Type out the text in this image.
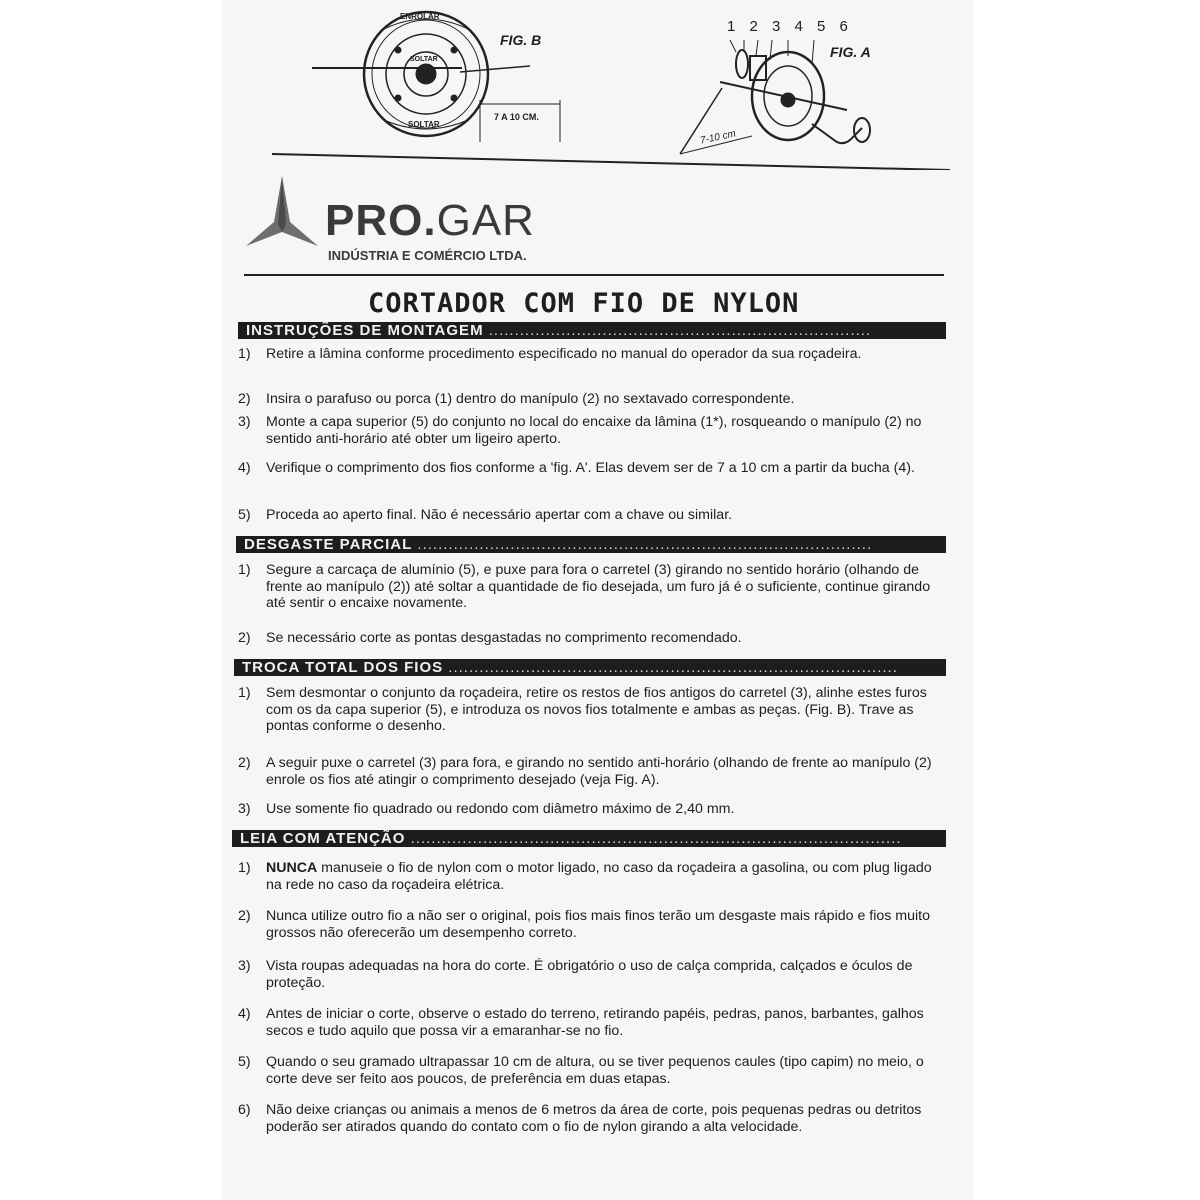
FIG. B
ENROLAR
SOLTAR
SOLTAR
7 A 10 CM.
1 2 3 4 5 6
FIG. A
7-10 cm
PRO.GAR
INDÚSTRIA E COMÉRCIO LTDA.
CORTADOR COM FIO DE NYLON
INSTRUÇÕES DE MONTAGEM ..........................................................................
1) Retire a lâmina conforme procedimento especificado no manual do operador da sua roçadeira.
2) Insira o parafuso ou porca (1) dentro do manípulo (2) no sextavado correspondente.
3) Monte a capa superior (5) do conjunto no local do encaixe da lâmina (1*), rosqueando o manípulo (2) no sentido anti-horário até obter um ligeiro aperto.
4) Verifique o comprimento dos fios conforme a 'fig. A'. Elas devem ser de 7 a 10 cm a partir da bucha (4).
5) Proceda ao aperto final. Não é necessário apertar com a chave ou similar.
DESGASTE PARCIAL ........................................................................................
1) Segure a carcaça de alumínio (5), e puxe para fora o carretel (3) girando no sentido horário (olhando de frente ao manípulo (2)) até soltar a quantidade de fio desejada, um furo já é o suficiente, continue girando até sentir o encaixe novamente.
2) Se necessário corte as pontas desgastadas no comprimento recomendado.
TROCA TOTAL DOS FIOS .......................................................................................
1) Sem desmontar o conjunto da roçadeira, retire os restos de fios antigos do carretel (3), alinhe estes furos com os da capa superior (5), e introduza os novos fios totalmente e ambas as peças. (Fig. B). Trave as pontas conforme o desenho.
2) A seguir puxe o carretel (3) para fora, e girando no sentido anti-horário (olhando de frente ao manípulo (2) enrole os fios até atingir o comprimento desejado (veja Fig. A).
3) Use somente fio quadrado ou redondo com diâmetro máximo de 2,40 mm.
LEIA COM ATENÇÃO ...............................................................................................
1) NUNCA manuseie o fio de nylon com o motor ligado, no caso da roçadeira a gasolina, ou com plug ligado na rede no caso da roçadeira elétrica.
2) Nunca utilize outro fio a não ser o original, pois fios mais finos terão um desgaste mais rápido e fios muito grossos não oferecerão um desempenho correto.
3) Vista roupas adequadas na hora do corte. É obrigatório o uso de calça comprida, calçados e óculos de proteção.
4) Antes de iniciar o corte, observe o estado do terreno, retirando papéis, pedras, panos, barbantes, galhos secos e tudo aquilo que possa vir a emaranhar-se no fio.
5) Quando o seu gramado ultrapassar 10 cm de altura, ou se tiver pequenos caules (tipo capim) no meio, o corte deve ser feito aos poucos, de preferência em duas etapas.
6) Não deixe crianças ou animais a menos de 6 metros da área de corte, pois pequenas pedras ou detritos poderão ser atirados quando do contato com o fio de nylon girando a alta velocidade.
